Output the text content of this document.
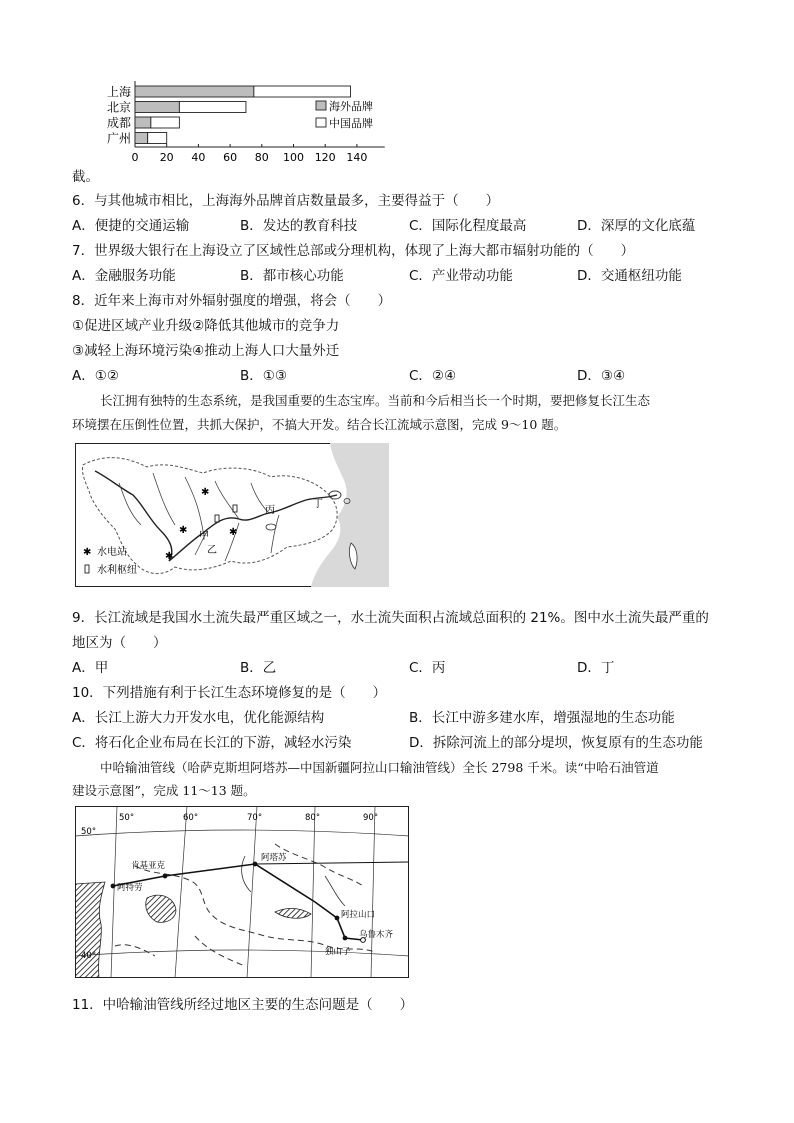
0 20 40 60 80 100 120 140
上海
北京
成都
广州
海外品牌
中国品牌
截。
6．与其他城市相比，上海海外品牌首店数量最多，主要得益于（　　）
A．便捷的交通运输	B．发达的教育科技	C．国际化程度最高	D．深厚的文化底蕴
7．世界级大银行在上海设立了区域性总部或分理机构，体现了上海大都市辐射功能的（　　）
A．金融服务功能	B．都市核心功能	C．产业带动功能	D．交通枢纽功能
8．近年来上海市对外辐射强度的增强，将会（　　）
①促进区域产业升级②降低其他城市的竞争力
③减轻上海环境污染④推动上海人口大量外迁
A．①②	B．①③	C．②④	D．③④
长江拥有独特的生态系统，是我国重要的生态宝库。当前和今后相当长一个时期，要把修复长江生态
环境摆在压倒性位置，共抓大保护，不搞大开发。结合长江流域示意图，完成 9～10 题。
✱
✱
✱
✱
甲
乙
丙
丁
✱ 水电站
水利枢纽
9．长江流域是我国水土流失最严重区域之一，水土流失面积占流域总面积的 21%。图中水土流失最严重的
地区为（　　）
A．甲	B．乙	C．丙	D．丁
10．下列措施有利于长江生态环境修复的是（　　）
A．长江上游大力开发水电，优化能源结构	B．长江中游多建水库，增强湿地的生态功能
C．将石化企业布局在长江的下游，减轻水污染	D．拆除河流上的部分堤坝，恢复原有的生态功能
中哈输油管线（哈萨克斯坦阿塔苏—中国新疆阿拉山口输油管线）全长 2798 千米。读“中哈石油管道
建设示意图”，完成 11～13 题。
50°	60°	70°	80°	90°
50°
肯基亚克
阿塔苏
阿特劳
阿拉山口
乌鲁木齐
独山子
11．中哈输油管线所经过地区主要的生态问题是（　　）
